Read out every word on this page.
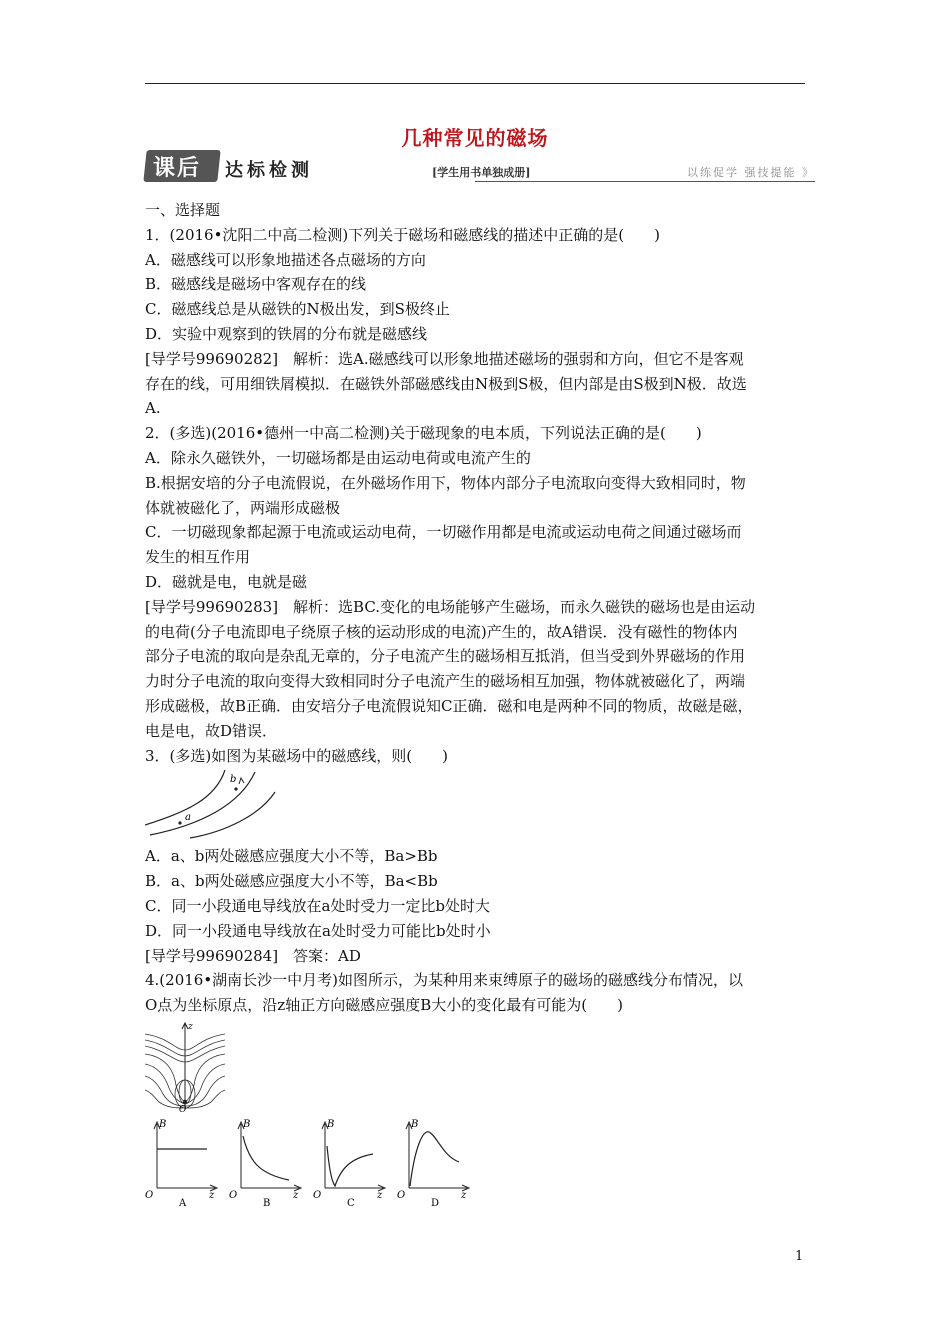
几种常见的磁场
课后 达标检测	[学生用书单独成册]	以练促学 强技提能 》
一、选择题
1．(2016•沈阳二中高二检测)下列关于磁场和磁感线的描述中正确的是(　　)
A．磁感线可以形象地描述各点磁场的方向
B．磁感线是磁场中客观存在的线
C．磁感线总是从磁铁的N极出发，到S极终止
D．实验中观察到的铁屑的分布就是磁感线
[导学号99690282]　解析：选A.磁感线可以形象地描述磁场的强弱和方向，但它不是客观
存在的线，可用细铁屑模拟．在磁铁外部磁感线由N极到S极，但内部是由S极到N极．故选
A.
2．(多选)(2016•德州一中高二检测)关于磁现象的电本质，下列说法正确的是(　　)
A．除永久磁铁外，一切磁场都是由运动电荷或电流产生的
B.根据安培的分子电流假说，在外磁场作用下，物体内部分子电流取向变得大致相同时，物
体就被磁化了，两端形成磁极
C．一切磁现象都起源于电流或运动电荷，一切磁作用都是电流或运动电荷之间通过磁场而
发生的相互作用
D．磁就是电，电就是磁
[导学号99690283]　解析：选BC.变化的电场能够产生磁场，而永久磁铁的磁场也是由运动
的电荷(分子电流即电子绕原子核的运动形成的电流)产生的，故A错误．没有磁性的物体内
部分子电流的取向是杂乱无章的，分子电流产生的磁场相互抵消，但当受到外界磁场的作用
力时分子电流的取向变得大致相同时分子电流产生的磁场相互加强，物体就被磁化了，两端
形成磁极，故B正确．由安培分子电流假说知C正确．磁和电是两种不同的物质，故磁是磁，
电是电，故D错误．
3．(多选)如图为某磁场中的磁感线，则(　　)
a
b
A．a、b两处磁感应强度大小不等，Ba>Bb
B．a、b两处磁感应强度大小不等，Ba<Bb
C．同一小段通电导线放在a处时受力一定比b处时大
D．同一小段通电导线放在a处时受力可能比b处时小
[导学号99690284]　答案：AD
4.(2016•湖南长沙一中月考)如图所示，为某种用来束缚原子的磁场的磁感线分布情况，以
O点为坐标原点，沿z轴正方向磁感应强度B大小的变化最有可能为(　　)
z
O
B
O	z
A
B
O	z
B
B
O	z
C
B
O	z
D
1
